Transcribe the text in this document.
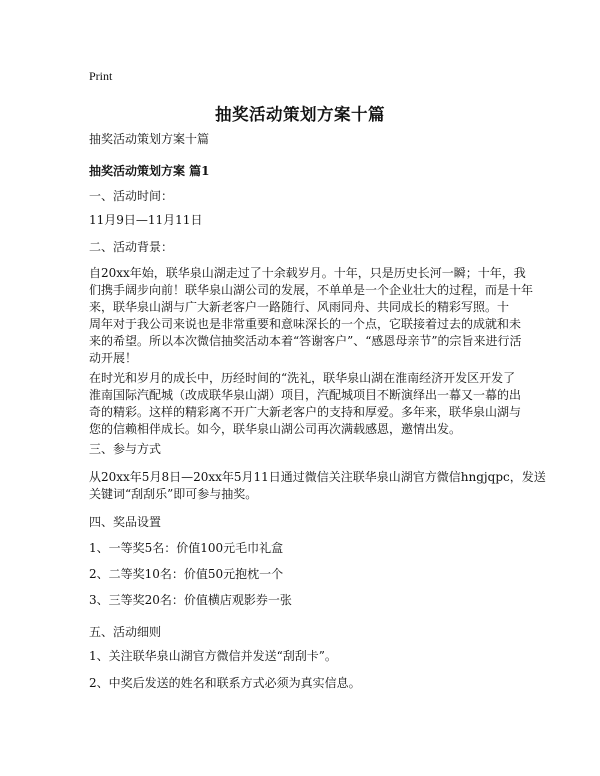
Print
抽奖活动策划方案十篇
抽奖活动策划方案十篇
抽奖活动策划方案 篇1
一、活动时间：
11月9日—11月11日
二、活动背景：
自20xx年始，联华泉山湖走过了十余载岁月。十年，只是历史长河一瞬；十年，我
们携手阔步向前！联华泉山湖公司的发展，不单单是一个企业壮大的过程，而是十年
来，联华泉山湖与广大新老客户一路随行、风雨同舟、共同成长的精彩写照。十
周年对于我公司来说也是非常重要和意味深长的一个点，它联接着过去的成就和未
来的希望。所以本次微信抽奖活动本着“答谢客户”、“感恩母亲节”的宗旨来进行活
动开展！
在时光和岁月的成长中，历经时间的“洗礼，联华泉山湖在淮南经济开发区开发了
淮南国际汽配城（改成联华泉山湖）项目，汽配城项目不断演绎出一幕又一幕的出
奇的精彩。这样的精彩离不开广大新老客户的支持和厚爱。多年来，联华泉山湖与
您的信赖相伴成长。如今，联华泉山湖公司再次满载感恩，邀情出发。
三、参与方式
从20xx年5月8日—20xx年5月11日通过微信关注联华泉山湖官方微信hngjqpc，发送
关键词“刮刮乐”即可参与抽奖。
四、奖品设置
1、一等奖5名：价值100元毛巾礼盒
2、二等奖10名：价值50元抱枕一个
3、三等奖20名：价值横店观影券一张
五、活动细则
1、关注联华泉山湖官方微信并发送“刮刮卡”。
2、中奖后发送的姓名和联系方式必须为真实信息。
